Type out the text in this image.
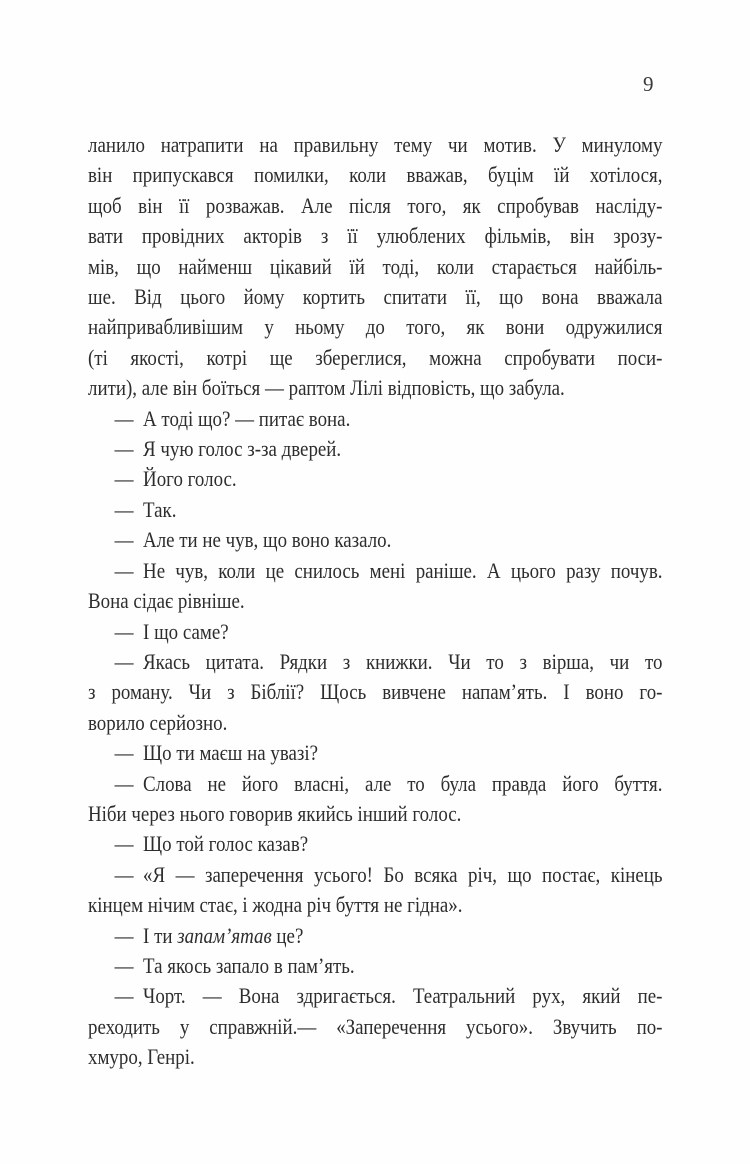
9
ланило натрапити на правильну тему чи мотив. У минулому
він припускався помилки, коли вважав, буцім їй хотілося,
щоб він її розважав. Але після того, як спробував насліду-
вати провідних акторів з її улюблених фільмів, він зрозу-
мів, що найменш цікавий їй тоді, коли старається найбіль-
ше. Від цього йому кортить спитати її, що вона вважала
найпривабливішим у ньому до того, як вони одружилися
(ті якості, котрі ще збереглися, можна спробувати поси-
лити), але він боїться — раптом Лілі відповість, що забула.
— А тоді що? — питає вона.
— Я чую голос з-за дверей.
— Його голос.
— Так.
— Але ти не чув, що воно казало.
— Не чув, коли це снилось мені раніше. А цього разу почув.
Вона сідає рівніше.
— І що саме?
— Якась цитата. Рядки з книжки. Чи то з вірша, чи то
з роману. Чи з Біблії? Щось вивчене напам’ять. І воно го-
ворило серйозно.
— Що ти маєш на увазі?
— Слова не його власні, але то була правда його буття.
Ніби через нього говорив якийсь інший голос.
— Що той голос казав?
— «Я — заперечення усього! Бо всяка річ, що постає, кінець
кінцем нічим стає, і жодна річ буття не гідна».
— І ти запам’ятав це?
— Та якось запало в пам’ять.
— Чорт. — Вона здригається. Театральний рух, який пе-
реходить у справжній.— «Заперечення усього». Звучить по-
хмуро, Генрі.
